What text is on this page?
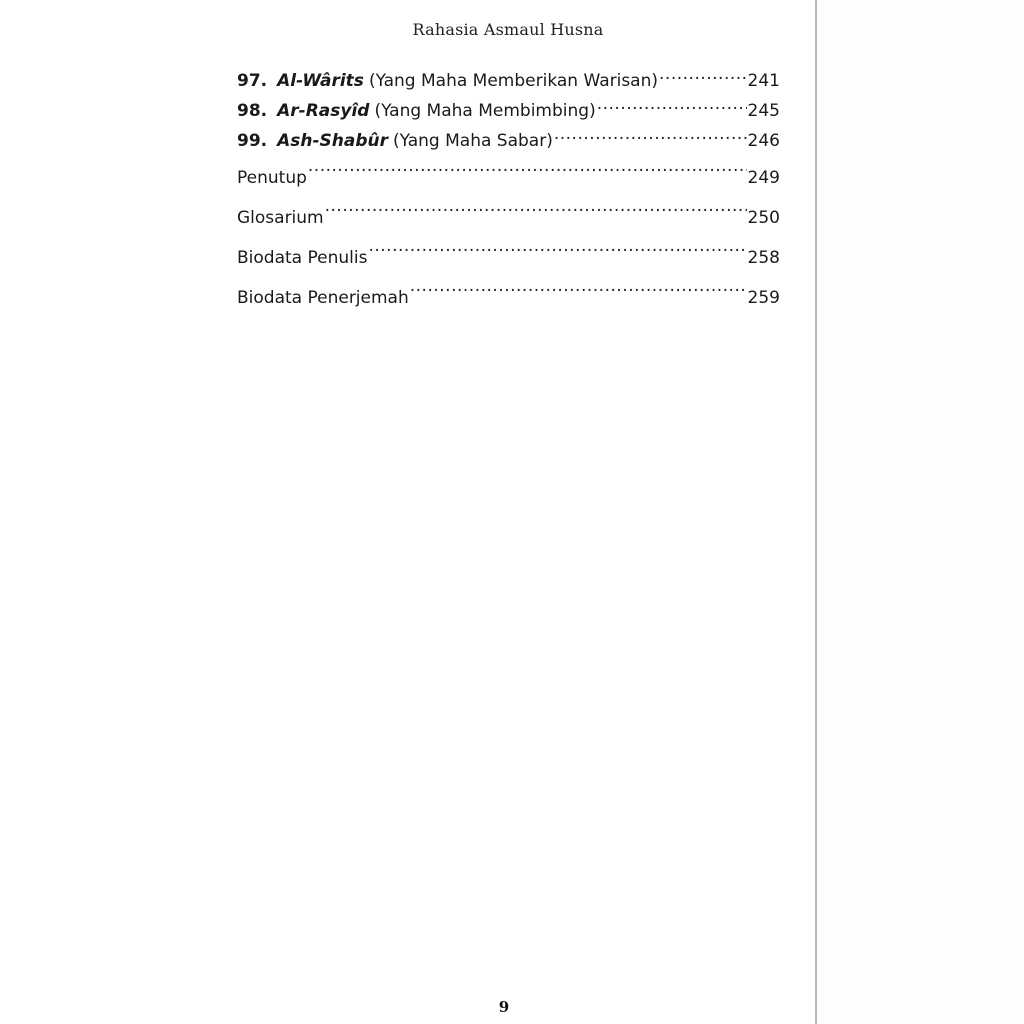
Rahasia Asmaul Husna
97. Al-Wârits (Yang Maha Memberikan Warisan) .....	241
98. Ar-Rasyîd (Yang Maha Membimbing) .....	245
99. Ash-Shabûr (Yang Maha Sabar) .....	246
Penutup .....	249
Glosarium .....	250
Biodata Penulis .....	258
Biodata Penerjemah .....	259
9
